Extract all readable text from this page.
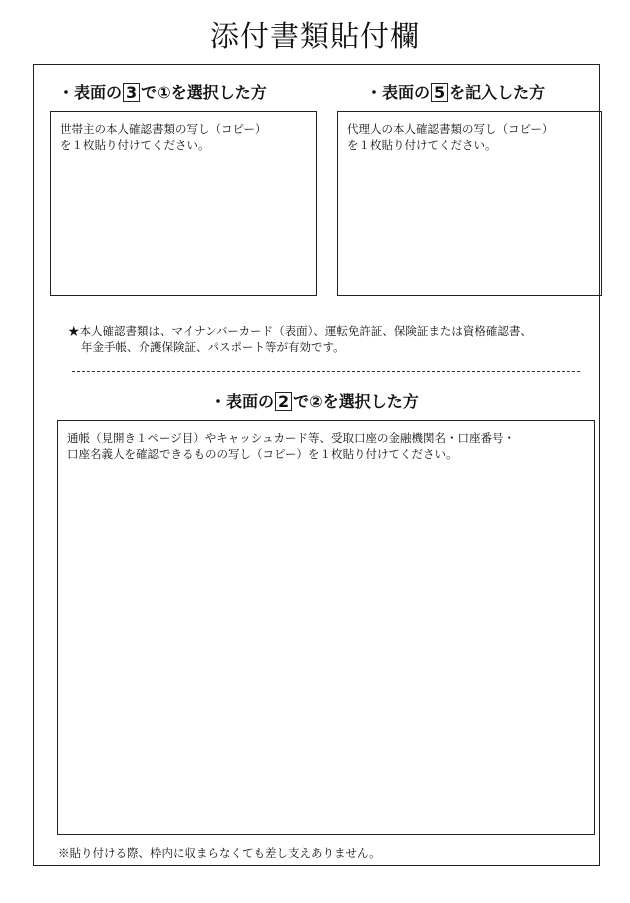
添付書類貼付欄
・表面の 3 で①を選択した方	・表面の 5 を記入した方
世帯主の本人確認書類の写し（コピー）
を１枚貼り付けてください。
代理人の本人確認書類の写し（コピー）
を１枚貼り付けてください。
★本人確認書類は、マイナンバーカード（表面）、運転免許証、保険証または資格確認書、
年金手帳、介護保険証、パスポート等が有効です。
・表面の 2 で②を選択した方
通帳（見開き１ページ目）やキャッシュカード等、受取口座の金融機関名・口座番号・
口座名義人を確認できるものの写し（コピー）を１枚貼り付けてください。
※貼り付ける際、枠内に収まらなくても差し支えありません。
